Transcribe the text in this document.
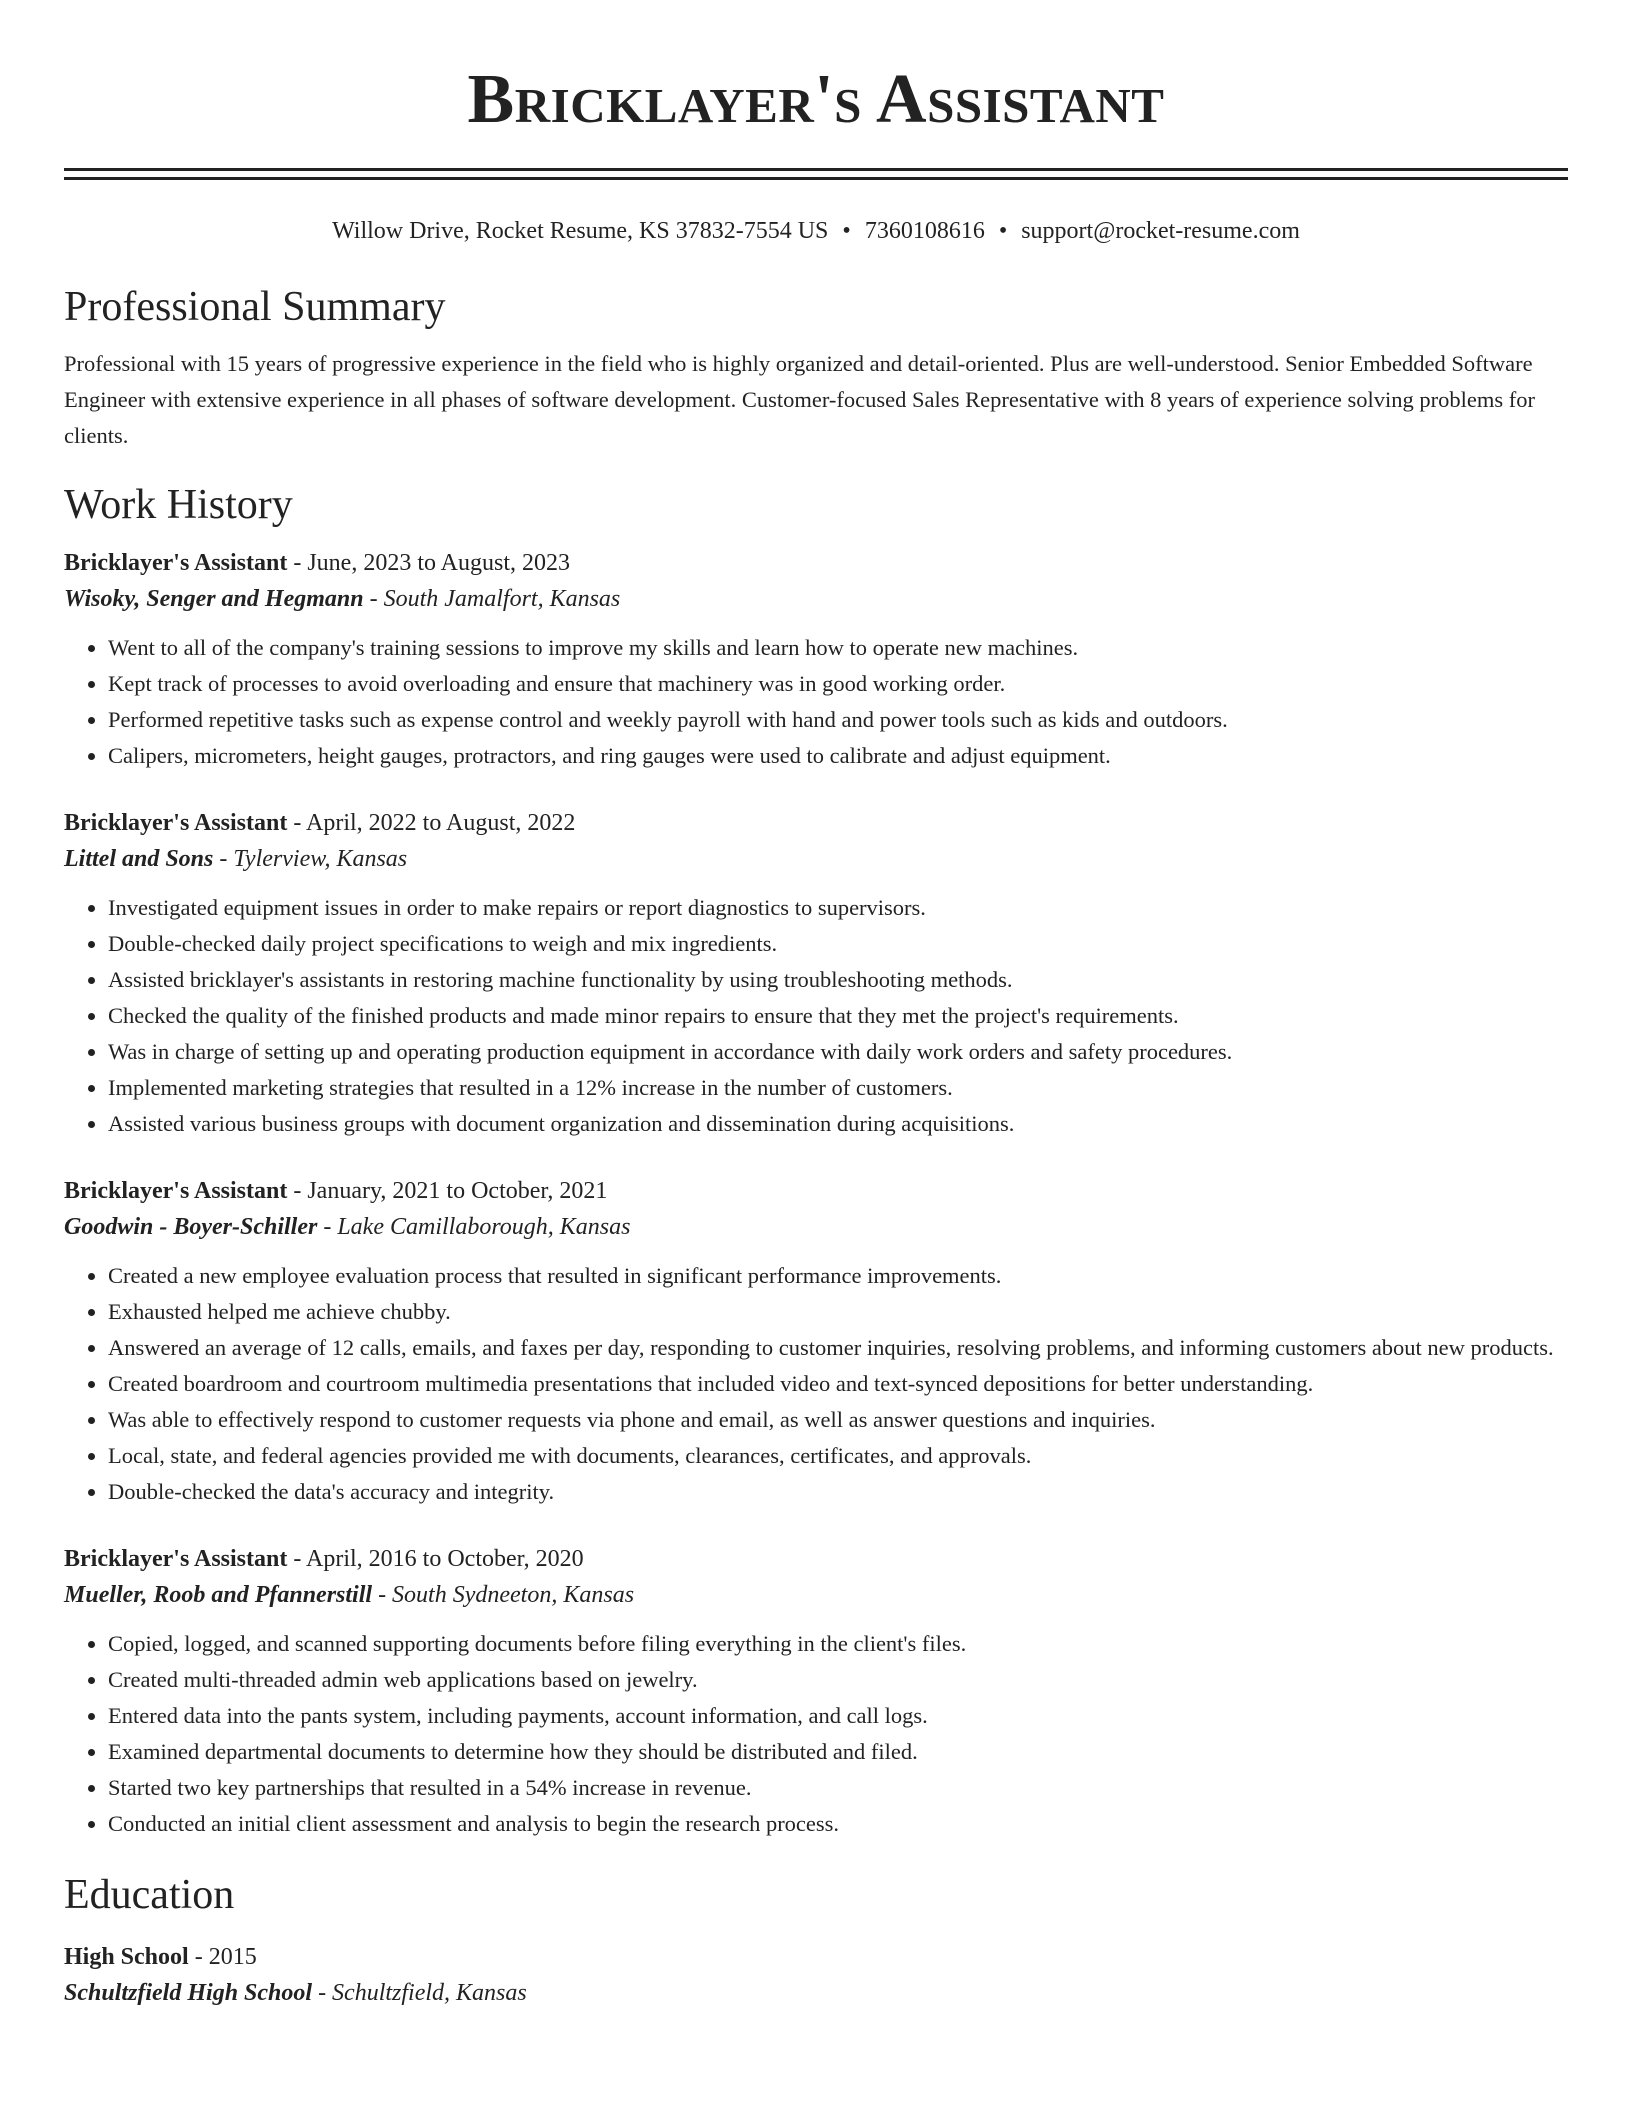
Bricklayer's Assistant
Willow Drive, Rocket Resume, KS 37832-7554 US • 7360108616 • support@rocket-resume.com
Professional Summary
Professional with 15 years of progressive experience in the field who is highly organized and detail-oriented. Plus are well-understood. Senior Embedded Software Engineer with extensive experience in all phases of software development. Customer-focused Sales Representative with 8 years of experience solving problems for clients.
Work History
Bricklayer's Assistant - June, 2023 to August, 2023
Wisoky, Senger and Hegmann - South Jamalfort, Kansas
• Went to all of the company's training sessions to improve my skills and learn how to operate new machines.
• Kept track of processes to avoid overloading and ensure that machinery was in good working order.
• Performed repetitive tasks such as expense control and weekly payroll with hand and power tools such as kids and outdoors.
• Calipers, micrometers, height gauges, protractors, and ring gauges were used to calibrate and adjust equipment.
Bricklayer's Assistant - April, 2022 to August, 2022
Littel and Sons - Tylerview, Kansas
• Investigated equipment issues in order to make repairs or report diagnostics to supervisors.
• Double-checked daily project specifications to weigh and mix ingredients.
• Assisted bricklayer's assistants in restoring machine functionality by using troubleshooting methods.
• Checked the quality of the finished products and made minor repairs to ensure that they met the project's requirements.
• Was in charge of setting up and operating production equipment in accordance with daily work orders and safety procedures.
• Implemented marketing strategies that resulted in a 12% increase in the number of customers.
• Assisted various business groups with document organization and dissemination during acquisitions.
Bricklayer's Assistant - January, 2021 to October, 2021
Goodwin - Boyer-Schiller - Lake Camillaborough, Kansas
• Created a new employee evaluation process that resulted in significant performance improvements.
• Exhausted helped me achieve chubby.
• Answered an average of 12 calls, emails, and faxes per day, responding to customer inquiries, resolving problems, and informing customers about new products.
• Created boardroom and courtroom multimedia presentations that included video and text-synced depositions for better understanding.
• Was able to effectively respond to customer requests via phone and email, as well as answer questions and inquiries.
• Local, state, and federal agencies provided me with documents, clearances, certificates, and approvals.
• Double-checked the data's accuracy and integrity.
Bricklayer's Assistant - April, 2016 to October, 2020
Mueller, Roob and Pfannerstill - South Sydneeton, Kansas
• Copied, logged, and scanned supporting documents before filing everything in the client's files.
• Created multi-threaded admin web applications based on jewelry.
• Entered data into the pants system, including payments, account information, and call logs.
• Examined departmental documents to determine how they should be distributed and filed.
• Started two key partnerships that resulted in a 54% increase in revenue.
• Conducted an initial client assessment and analysis to begin the research process.
Education
High School - 2015
Schultzfield High School - Schultzfield, Kansas
